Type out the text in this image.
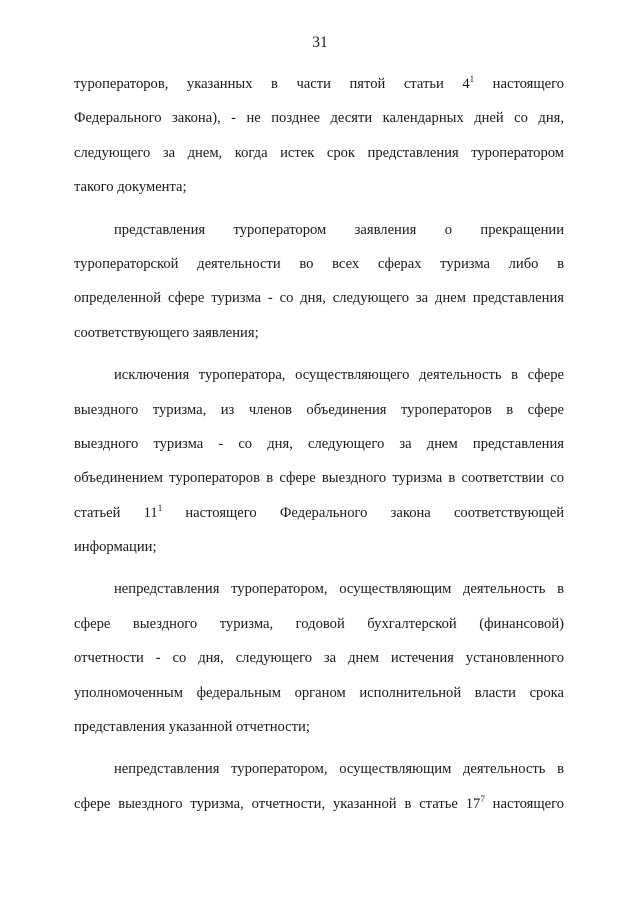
31
туроператоров, указанных в части пятой статьи $4^1$ настоящего
Федерального закона), - не позднее десяти календарных дней со дня,
следующего за днем, когда истек срок представления туроператором
такого документа;
представления туроператором заявления о прекращении
туроператорской деятельности во всех сферах туризма либо в
определенной сфере туризма - со дня, следующего за днем представления
соответствующего заявления;
исключения туроператора, осуществляющего деятельность в сфере
выездного туризма, из членов объединения туроператоров в сфере
выездного туризма - со дня, следующего за днем представления
объединением туроператоров в сфере выездного туризма в соответствии со
статьей $11^1$ настоящего Федерального закона соответствующей
информации;
непредставления туроператором, осуществляющим деятельность в
сфере выездного туризма, годовой бухгалтерской (финансовой)
отчетности - со дня, следующего за днем истечения установленного
уполномоченным федеральным органом исполнительной власти срока
представления указанной отчетности;
непредставления туроператором, осуществляющим деятельность в
сфере выездного туризма, отчетности, указанной в статье $17^7$ настоящего
